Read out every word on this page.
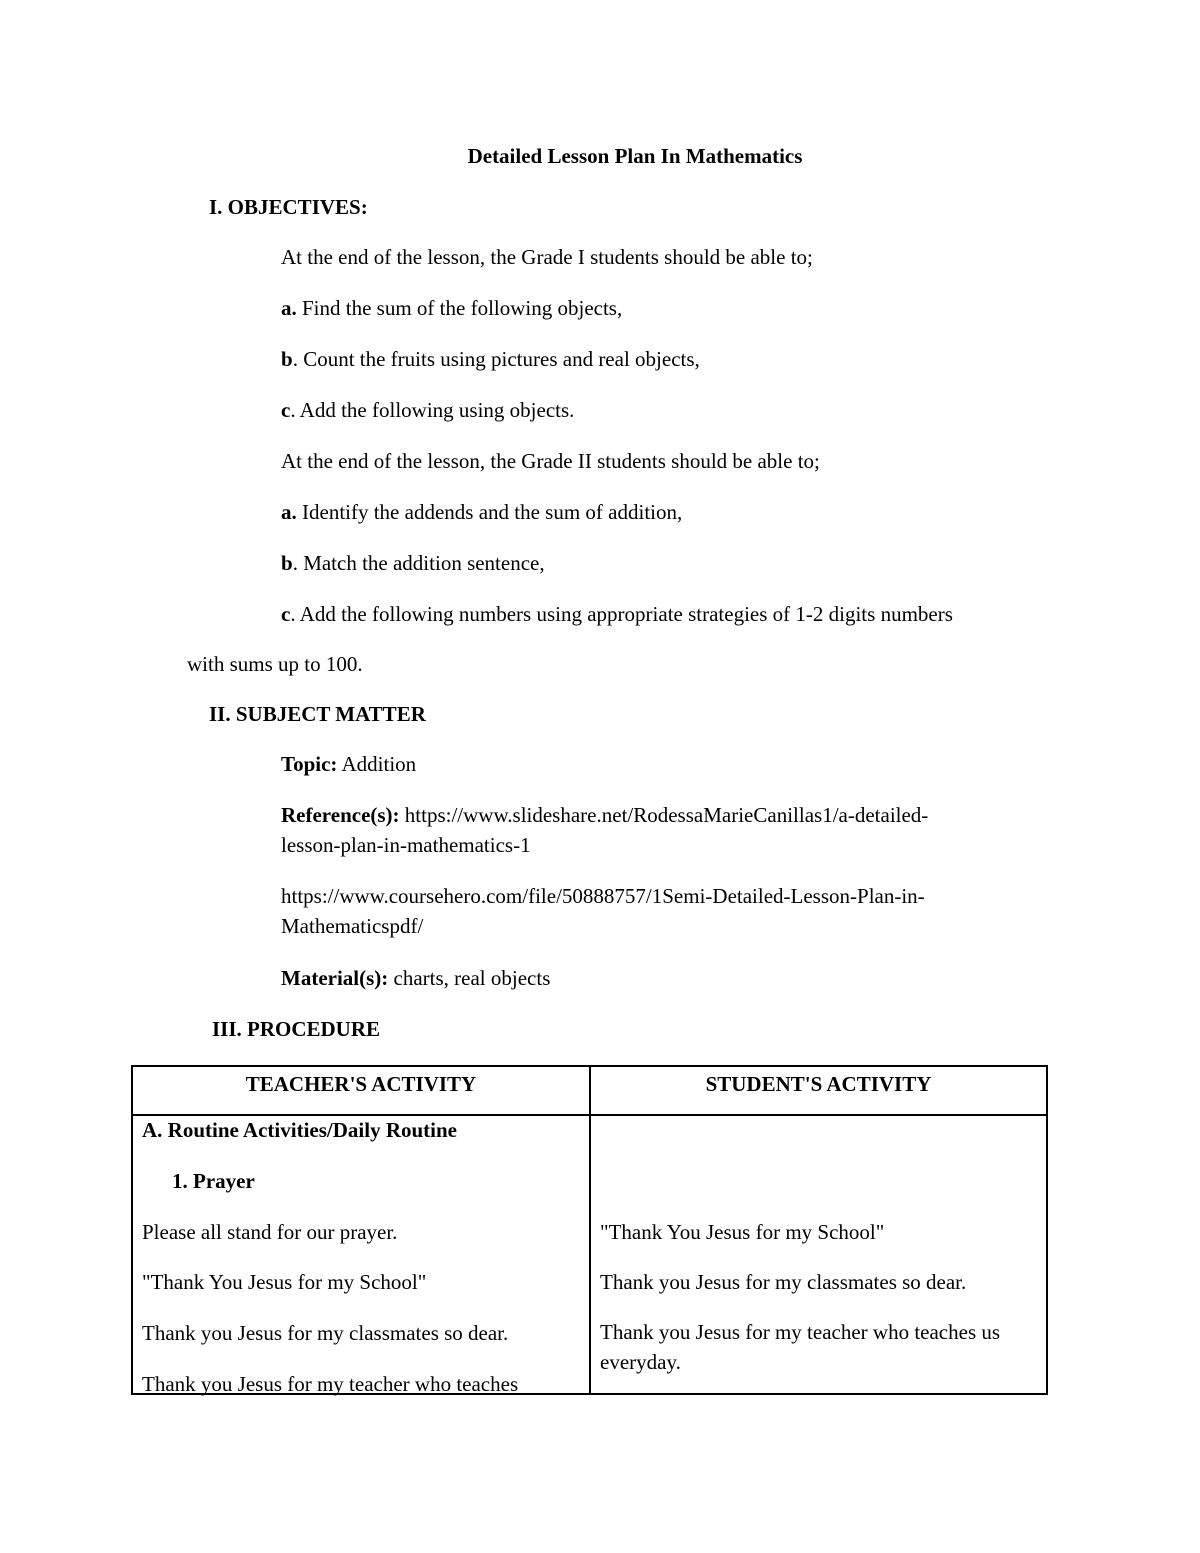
Detailed Lesson Plan In Mathematics
I. OBJECTIVES:
At the end of the lesson, the Grade I students should be able to;
a. Find the sum of the following objects,
b. Count the fruits using pictures and real objects,
c. Add the following using objects.
At the end of the lesson, the Grade II students should be able to;
a. Identify the addends and the sum of addition,
b. Match the addition sentence,
c. Add the following numbers using appropriate strategies of 1-2 digits numbers
with sums up to 100.
II. SUBJECT MATTER
Topic: Addition
Reference(s): https://www.slideshare.net/RodessaMarieCanillas1/a-detailed-
lesson-plan-in-mathematics-1
https://www.coursehero.com/file/50888757/1Semi-Detailed-Lesson-Plan-in-
Mathematicspdf/
Material(s): charts, real objects
III. PROCEDURE
TEACHER'S ACTIVITY	STUDENT'S ACTIVITY
A. Routine Activities/Daily Routine
1. Prayer
Please all stand for our prayer.
"Thank You Jesus for my School"
Thank you Jesus for my classmates so dear.
Thank you Jesus for my teacher who teaches
"Thank You Jesus for my School"
Thank you Jesus for my classmates so dear.
Thank you Jesus for my teacher who teaches us everyday.
